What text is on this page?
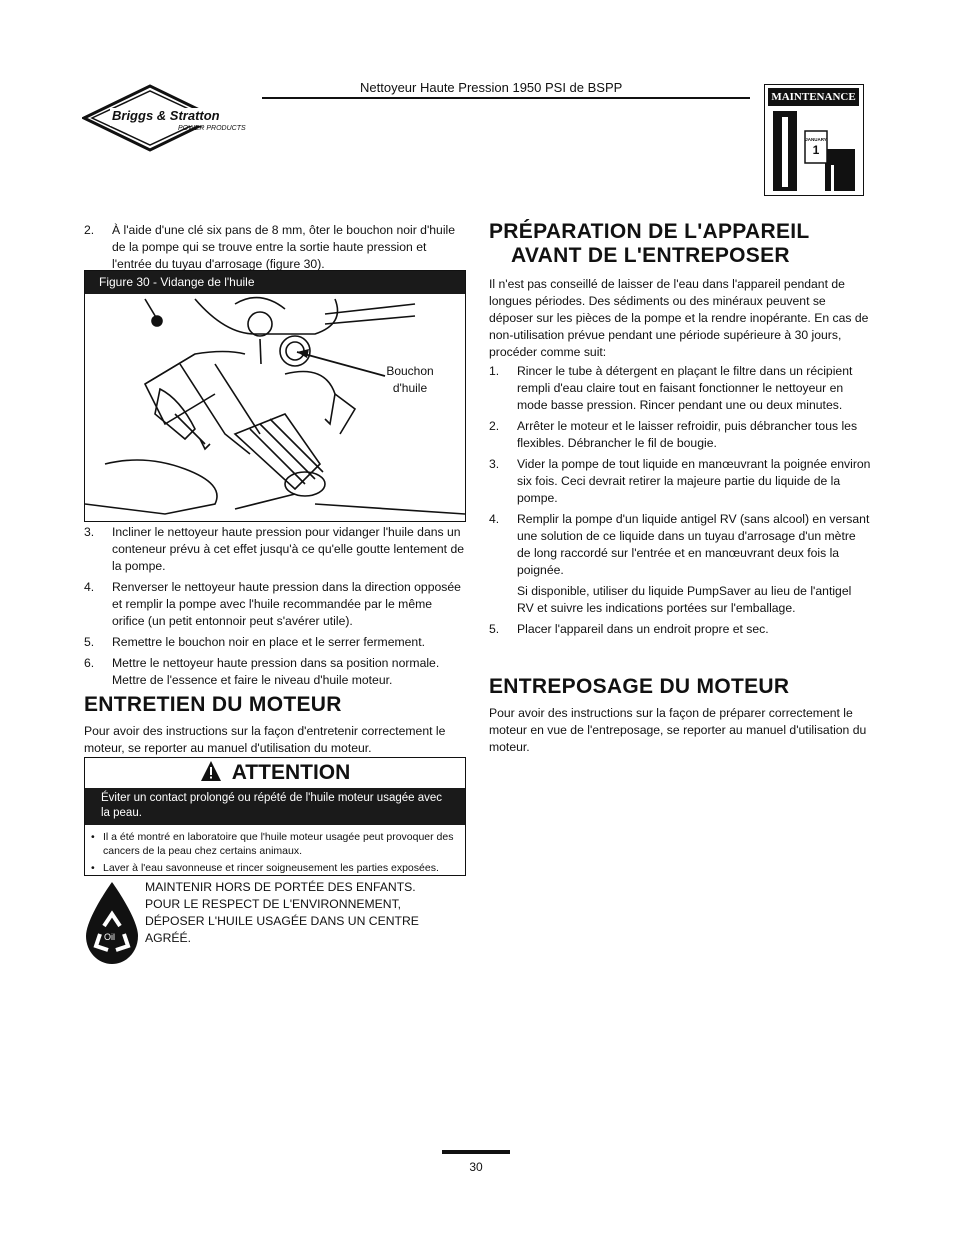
Nettoyeur Haute Pression 1950 PSI de BSPP
Briggs & Stratton
POWER PRODUCTS
MAINTENANCE
JANUARY
1
2. À l'aide d'une clé six pans de 8 mm, ôter le bouchon noir d'huile de la pompe qui se trouve entre la sortie haute pression et l'entrée du tuyau d'arrosage (figure 30).
Figure 30 - Vidange de l'huile
Bouchon d'huile
3. Incliner le nettoyeur haute pression pour vidanger l'huile dans un conteneur prévu à cet effet jusqu'à ce qu'elle goutte lentement de la pompe.
4. Renverser le nettoyeur haute pression dans la direction opposée et remplir la pompe avec l'huile recommandée par le même orifice (un petit entonnoir peut s'avérer utile).
5. Remettre le bouchon noir en place et le serrer fermement.
6. Mettre le nettoyeur haute pression dans sa position normale. Mettre de l'essence et faire le niveau d'huile moteur.
ENTRETIEN DU MOTEUR
Pour avoir des instructions sur la façon d'entretenir correctement le moteur, se reporter au manuel d'utilisation du moteur.
ATTENTION
Éviter un contact prolongé ou répété de l'huile moteur usagée avec la peau.
• Il a été montré en laboratoire que l'huile moteur usagée peut provoquer des cancers de la peau chez certains animaux.
• Laver à l'eau savonneuse et rincer soigneusement les parties exposées.
Oil
MAINTENIR HORS DE PORTÉE DES ENFANTS. POUR LE RESPECT DE L'ENVIRONNEMENT, DÉPOSER L'HUILE USAGÉE DANS UN CENTRE AGRÉÉ.
PRÉPARATION DE L'APPAREIL
AVANT DE L'ENTREPOSER
Il n'est pas conseillé de laisser de l'eau dans l'appareil pendant de longues périodes. Des sédiments ou des minéraux peuvent se déposer sur les pièces de la pompe et la rendre inopérante. En cas de non-utilisation prévue pendant une période supérieure à 30 jours, procéder comme suit:
1. Rincer le tube à détergent en plaçant le filtre dans un récipient rempli d'eau claire tout en faisant fonctionner le nettoyeur en mode basse pression. Rincer pendant une ou deux minutes.
2. Arrêter le moteur et le laisser refroidir, puis débrancher tous les flexibles. Débrancher le fil de bougie.
3. Vider la pompe de tout liquide en manœuvrant la poignée environ six fois. Ceci devrait retirer la majeure partie du liquide de la pompe.
4. Remplir la pompe d'un liquide antigel RV (sans alcool) en versant une solution de ce liquide dans un tuyau d'arrosage d'un mètre de long raccordé sur l'entrée et en manœuvrant deux fois la poignée.
Si disponible, utiliser du liquide PumpSaver au lieu de l'antigel RV et suivre les indications portées sur l'emballage.
5. Placer l'appareil dans un endroit propre et sec.
ENTREPOSAGE DU MOTEUR
Pour avoir des instructions sur la façon de préparer correctement le moteur en vue de l'entreposage, se reporter au manuel d'utilisation du moteur.
30
